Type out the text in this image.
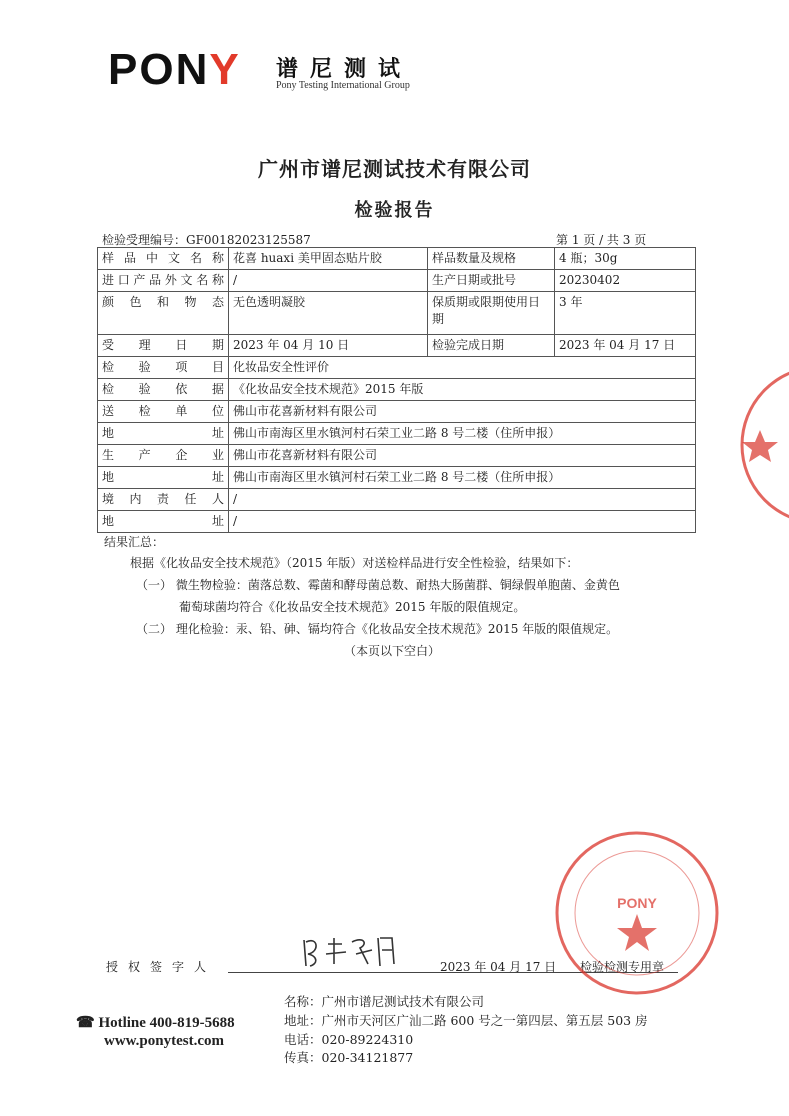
PONY 谱尼测试
Pony Testing International Group
广州市谱尼测试技术有限公司
检验报告
检验受理编号：GF00182023125587	第 1 页 / 共 3 页
样品中文名称	花喜 huaxi 美甲固态贴片胶	样品数量及规格	4 瓶；30g
进口产品外文名称	/	生产日期或批号	20230402
颜色和物态	无色透明凝胶	保质期或限期使用日期	3 年
受理日期	2023 年 04 月 10 日	检验完成日期	2023 年 04 月 17 日
检验项目	化妆品安全性评价		
检验依据	《化妆品安全技术规范》2015 年版		
送检单位	佛山市花喜新材料有限公司		
地址	佛山市南海区里水镇河村石荣工业二路 8 号二楼（住所申报）		
生产企业	佛山市花喜新材料有限公司		
地址	佛山市南海区里水镇河村石荣工业二路 8 号二楼（住所申报）		
境内责任人	/		
地址	/		
结果汇总：
根据《化妆品安全技术规范》（2015 年版）对送检样品进行安全性检验，结果如下：
（一） 微生物检验：菌落总数、霉菌和酵母菌总数、耐热大肠菌群、铜绿假单胞菌、金黄色
葡萄球菌均符合《化妆品安全技术规范》2015 年版的限值规定。
（二） 理化检验：汞、铅、砷、镉均符合《化妆品安全技术规范》2015 年版的限值规定。
（本页以下空白）
授权签字人	2023 年 04 月 17 日 检验检测专用章
PONY
☎ Hotline 400-819-5688
www.ponytest.com
名称：广州市谱尼测试技术有限公司
地址：广州市天河区广汕二路 600 号之一第四层、第五层 503 房
电话：020-89224310
传真：020-34121877
